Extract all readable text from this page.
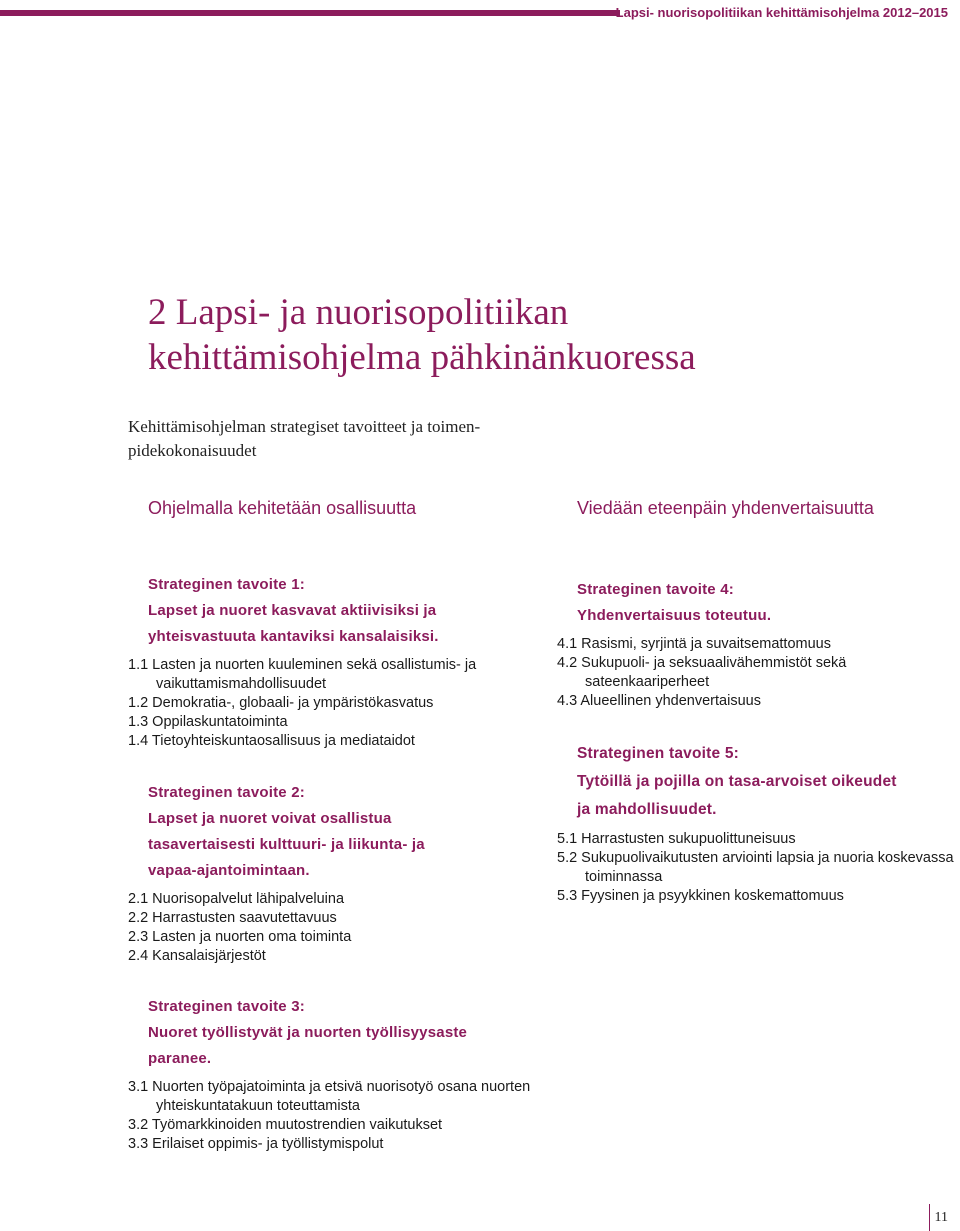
Lapsi- nuorisopolitiikan kehittämisohjelma 2012–2015
2 Lapsi- ja nuorisopolitiikan
kehittämisohjelma pähkinänkuoressa
Kehittämisohjelman strategiset tavoitteet ja toimen-
pidekokonaisuudet
Ohjelmalla kehitetään osallisuutta	Viedään eteenpäin yhdenvertaisuutta
Strateginen tavoite 1:
Lapset ja nuoret kasvavat aktiivisiksi ja
yhteisvastuuta kantaviksi kansalaisiksi.
1.1 Lasten ja nuorten kuuleminen sekä osallistumis- ja vaikuttamismahdollisuudet
1.2 Demokratia-, globaali- ja ympäristökasvatus
1.3 Oppilaskuntatoiminta
1.4 Tietoyhteiskuntaosallisuus ja mediataidot
Strateginen tavoite 2:
Lapset ja nuoret voivat osallistua
tasavertaisesti kulttuuri- ja liikunta- ja
vapaa-ajantoimintaan.
2.1 Nuorisopalvelut lähipalveluina
2.2 Harrastusten saavutettavuus
2.3 Lasten ja nuorten oma toiminta
2.4 Kansalaisjärjestöt
Strateginen tavoite 3:
Nuoret työllistyvät ja nuorten työllisyysaste
paranee.
3.1 Nuorten työpajatoiminta ja etsivä nuorisotyö osana nuorten yhteiskuntatakuun toteuttamista
3.2 Työmarkkinoiden muutostrendien vaikutukset
3.3 Erilaiset oppimis- ja työllistymispolut
Strateginen tavoite 4:
Yhdenvertaisuus toteutuu.
4.1 Rasismi, syrjintä ja suvaitsemattomuus
4.2 Sukupuoli- ja seksuaalivähemmistöt sekä sateenkaariperheet
4.3 Alueellinen yhdenvertaisuus
Strateginen tavoite 5:
Tytöillä ja pojilla on tasa-arvoiset oikeudet
ja mahdollisuudet.
5.1 Harrastusten sukupuolittuneisuus
5.2 Sukupuolivaikutusten arviointi lapsia ja nuoria koskevassa toiminnassa
5.3 Fyysinen ja psyykkinen koskemattomuus
11
